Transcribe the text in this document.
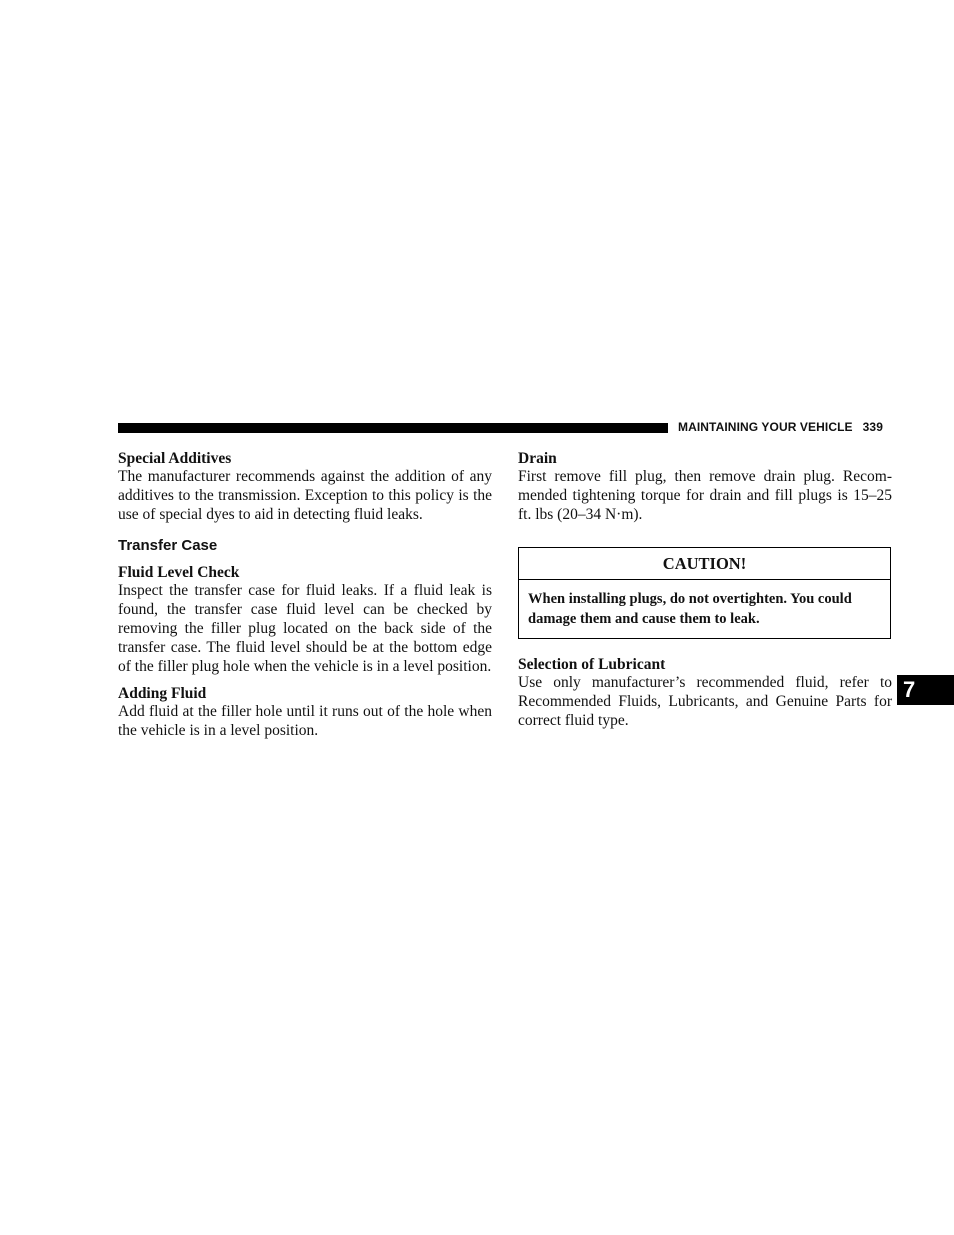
MAINTAINING YOUR VEHICLE 339
Special Additives

The manufacturer recommends against the addition of any additives to the transmission. Exception to this policy is the use of special dyes to aid in detecting fluid leaks.

Transfer Case
Fluid Level Check

Inspect the transfer case for fluid leaks. If a fluid leak is found, the transfer case fluid level can be checked by removing the filler plug located on the back side of the transfer case. The fluid level should be at the bottom edge of the filler plug hole when the vehicle is in a level position.

Adding Fluid

Add fluid at the filler hole until it runs out of the hole when the vehicle is in a level position.

Drain

First remove fill plug, then remove drain plug. Recom-mended tightening torque for drain and fill plugs is 15–25 ft. lbs (20–34 N·m).

CAUTION!
When installing plugs, do not overtighten. You could damage them and cause them to leak.
Selection of Lubricant

Use only manufacturer’s recommended fluid, refer to Recommended Fluids, Lubricants, and Genuine Parts for correct fluid type.

7
